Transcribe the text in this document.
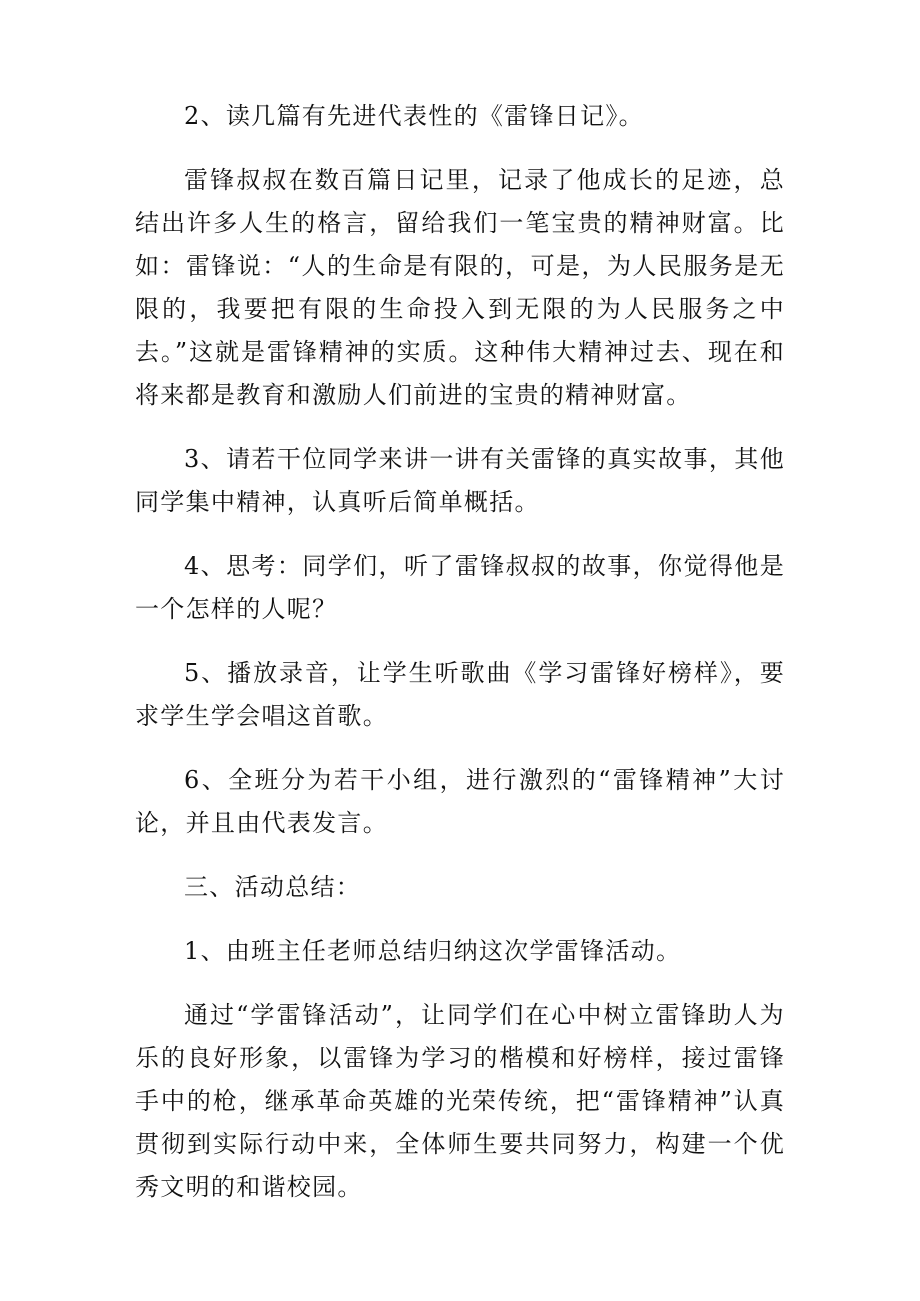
2、读几篇有先进代表性的《雷锋日记》。

雷锋叔叔在数百篇日记里，记录了他成长的足迹，总结出许多人生的格言，留给我们一笔宝贵的精神财富。比如：雷锋说：“人的生命是有限的，可是，为人民服务是无限的，我要把有限的生命投入到无限的为人民服务之中去。”这就是雷锋精神的实质。这种伟大精神过去、现在和将来都是教育和激励人们前进的宝贵的精神财富。

3、请若干位同学来讲一讲有关雷锋的真实故事，其他同学集中精神，认真听后简单概括。

4、思考：同学们，听了雷锋叔叔的故事，你觉得他是一个怎样的人呢？

5、播放录音，让学生听歌曲《学习雷锋好榜样》，要求学生学会唱这首歌。

6、全班分为若干小组，进行激烈的“雷锋精神”大讨论，并且由代表发言。

三、活动总结：

1、由班主任老师总结归纳这次学雷锋活动。

通过“学雷锋活动”，让同学们在心中树立雷锋助人为乐的良好形象，以雷锋为学习的楷模和好榜样，接过雷锋手中的枪，继承革命英雄的光荣传统，把“雷锋精神”认真贯彻到实际行动中来，全体师生要共同努力，构建一个优秀文明的和谐校园。
